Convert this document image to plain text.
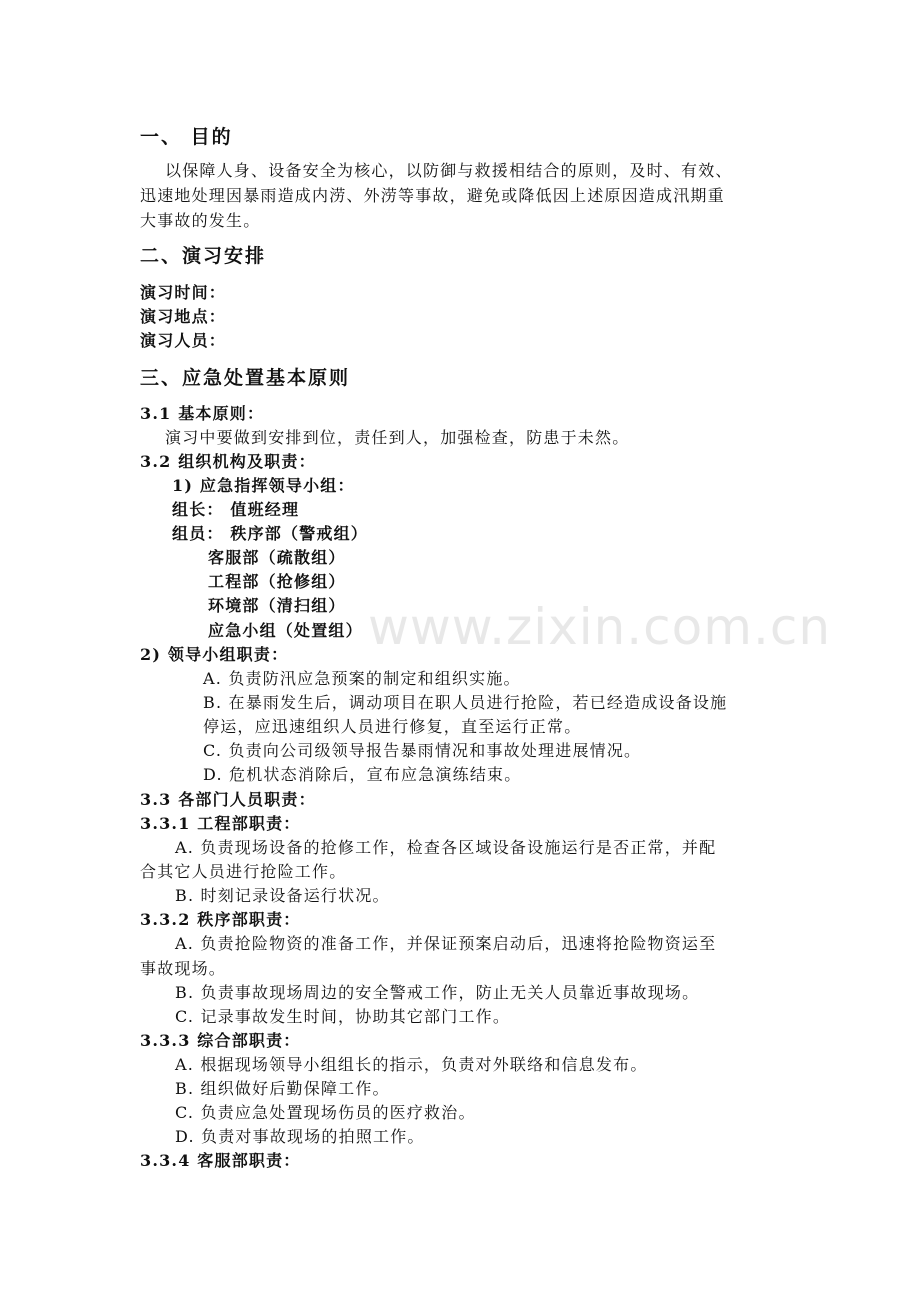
一、 目的
以保障人身、设备安全为核心，以防御与救援相结合的原则，及时、有效、
迅速地处理因暴雨造成内涝、外涝等事故，避免或降低因上述原因造成汛期重
大事故的发生。
二、演习安排
演习时间：
演习地点：
演习人员：
三、应急处置基本原则
3.1 基本原则：
演习中要做到安排到位，责任到人，加强检查，防患于未然。
3.2 组织机构及职责：
1) 应急指挥领导小组：
组长： 值班经理
组员： 秩序部（警戒组）
客服部（疏散组）
工程部（抢修组）
环境部（清扫组）
应急小组（处置组）
2) 领导小组职责：
A. 负责防汛应急预案的制定和组织实施。
B. 在暴雨发生后，调动项目在职人员进行抢险，若已经造成设备设施
停运，应迅速组织人员进行修复，直至运行正常。
C. 负责向公司级领导报告暴雨情况和事故处理进展情况。
D. 危机状态消除后，宣布应急演练结束。
3.3 各部门人员职责：
3.3.1 工程部职责：
A. 负责现场设备的抢修工作，检查各区域设备设施运行是否正常，并配
合其它人员进行抢险工作。
B. 时刻记录设备运行状况。
3.3.2 秩序部职责：
A. 负责抢险物资的准备工作，并保证预案启动后，迅速将抢险物资运至
事故现场。
B. 负责事故现场周边的安全警戒工作，防止无关人员靠近事故现场。
C. 记录事故发生时间，协助其它部门工作。
3.3.3 综合部职责：
A. 根据现场领导小组组长的指示，负责对外联络和信息发布。
B. 组织做好后勤保障工作。
C. 负责应急处置现场伤员的医疗救治。
D. 负责对事故现场的拍照工作。
3.3.4 客服部职责：
www.zixin.com.cn
